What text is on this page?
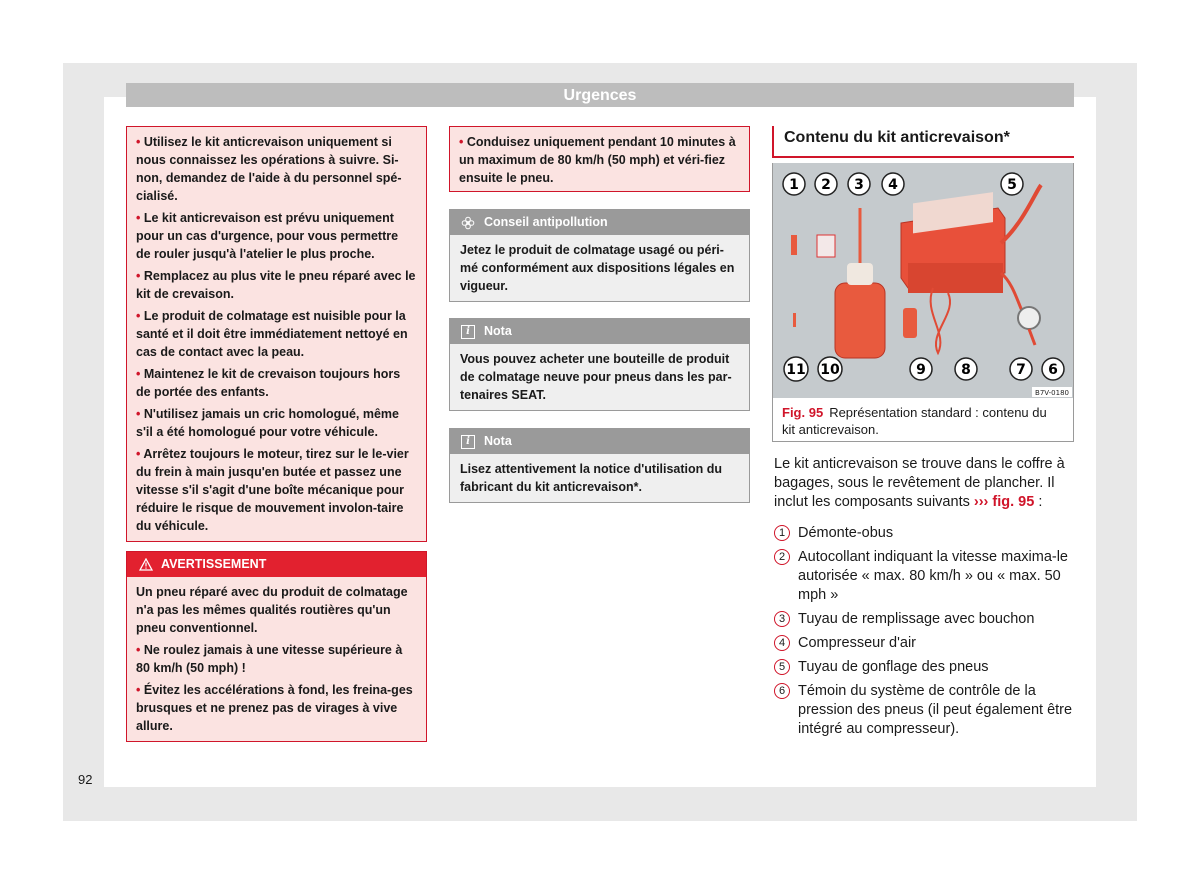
Urgences

• Utilisez le kit anticrevaison uniquement si nous connaissez les opérations à suivre. Si-non, demandez de l'aide à du personnel spé-cialisé.

• Le kit anticrevaison est prévu uniquement pour un cas d'urgence, pour vous permettre de rouler jusqu'à l'atelier le plus proche.

• Remplacez au plus vite le pneu réparé avec le kit de crevaison.

• Le produit de colmatage est nuisible pour la santé et il doit être immédiatement nettoyé en cas de contact avec la peau.

• Maintenez le kit de crevaison toujours hors de portée des enfants.

• N'utilisez jamais un cric homologué, même s'il a été homologué pour votre véhicule.

• Arrêtez toujours le moteur, tirez sur le le-vier du frein à main jusqu'en butée et passez une vitesse s'il s'agit d'une boîte mécanique pour réduire le risque de mouvement involon-taire du véhicule.

AVERTISSEMENT

Un pneu réparé avec du produit de colmatage n'a pas les mêmes qualités routières qu'un pneu conventionnel.

• Ne roulez jamais à une vitesse supérieure à 80 km/h (50 mph) !

• Évitez les accélérations à fond, les freina-ges brusques et ne prenez pas de virages à vive allure.

• Conduisez uniquement pendant 10 minutes à un maximum de 80 km/h (50 mph) et véri-fiez ensuite le pneu.

Conseil antipollution
Jetez le produit de colmatage usagé ou péri-mé conformément aux dispositions légales en vigueur.
i	Nota
Vous pouvez acheter une bouteille de produit de colmatage neuve pour pneus dans les par-tenaires SEAT.
i	Nota
Lisez attentivement la notice d'utilisation du fabricant du kit anticrevaison*.
Contenu du kit anticrevaison*
1 2 3 4	5
6
7
8
9
10
11
B7V-0180
Fig. 95 Représentation standard : contenu du kit anticrevaison.
Le kit anticrevaison se trouve dans le coffre à bagages, sous le revêtement de plancher. Il inclut les composants suivants ››› fig. 95 :
1 Démonte-obus
2 Autocollant indiquant la vitesse maxima-le autorisée « max. 80 km/h » ou « max. 50 mph »
3 Tuyau de remplissage avec bouchon
4 Compresseur d'air
5 Tuyau de gonflage des pneus
6 Témoin du système de contrôle de la pression des pneus (il peut également être intégré au compresseur).
92
